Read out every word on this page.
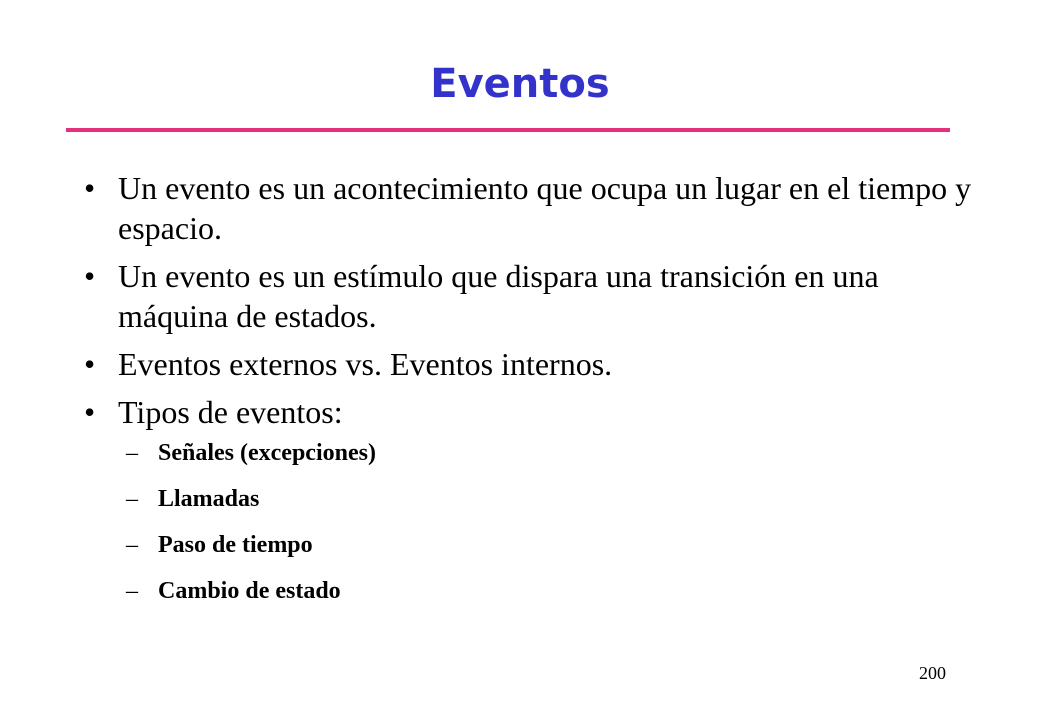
Eventos
• Un evento es un acontecimiento que ocupa un lugar en el tiempo y espacio.
• Un evento es un estímulo que dispara una transición en una máquina de estados.
• Eventos externos vs. Eventos internos.
• Tipos de eventos:
– Señales (excepciones)
– Llamadas
– Paso de tiempo
– Cambio de estado
200
